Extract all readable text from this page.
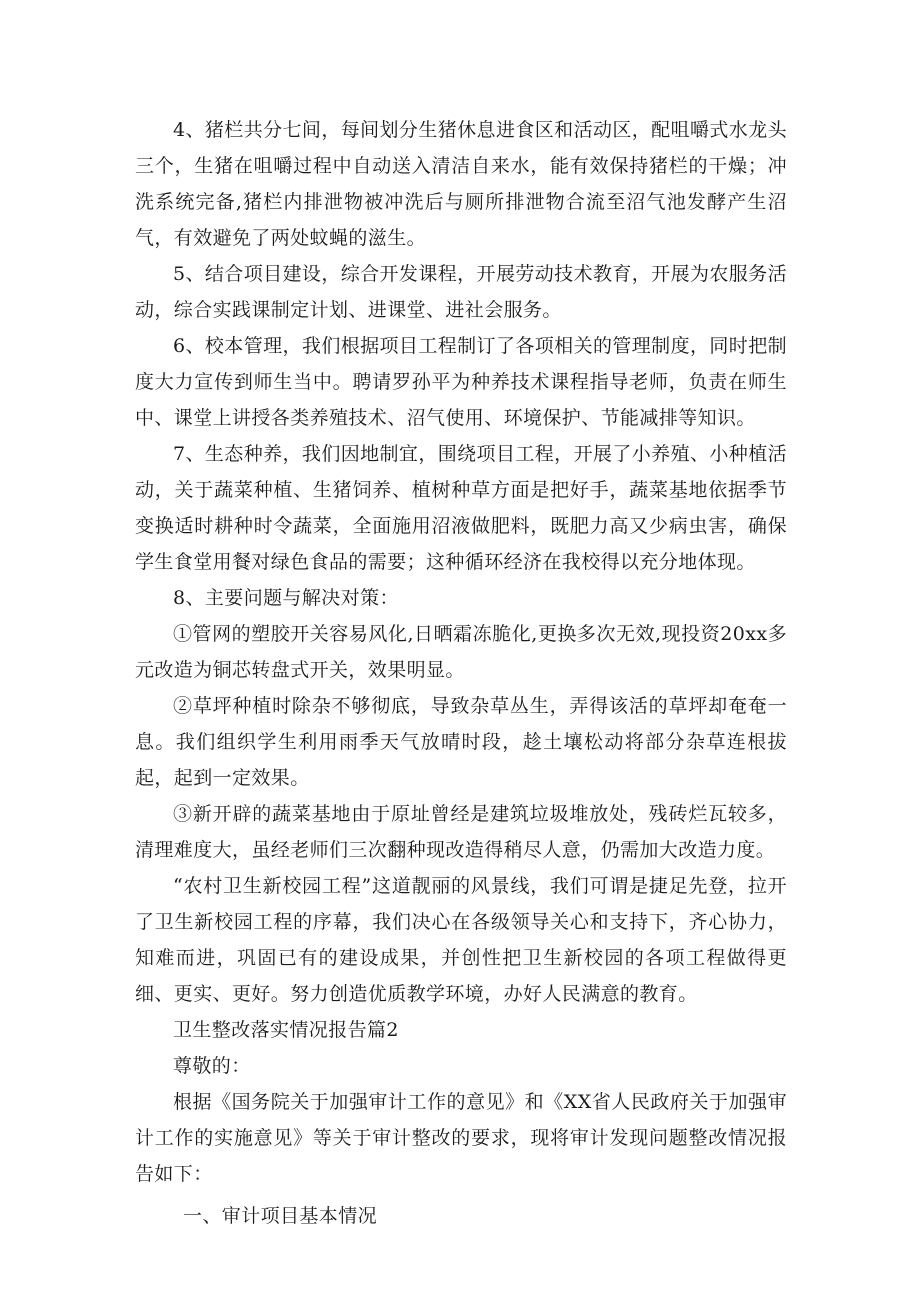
4、猪栏共分七间，每间划分生猪休息进食区和活动区，配咀嚼式水龙头三个，生猪在咀嚼过程中自动送入清洁自来水，能有效保持猪栏的干燥；冲洗系统完备,猪栏内排泄物被冲洗后与厕所排泄物合流至沼气池发酵产生沼气，有效避免了两处蚊蝇的滋生。

5、结合项目建设，综合开发课程，开展劳动技术教育，开展为农服务活动，综合实践课制定计划、进课堂、进社会服务。

6、校本管理，我们根据项目工程制订了各项相关的管理制度，同时把制度大力宣传到师生当中。聘请罗孙平为种养技术课程指导老师，负责在师生中、课堂上讲授各类养殖技术、沼气使用、环境保护、节能减排等知识。

7、生态种养，我们因地制宜，围绕项目工程，开展了小养殖、小种植活动，关于蔬菜种植、生猪饲养、植树种草方面是把好手，蔬菜基地依据季节变换适时耕种时令蔬菜，全面施用沼液做肥料，既肥力高又少病虫害，确保学生食堂用餐对绿色食品的需要；这种循环经济在我校得以充分地体现。

8、主要问题与解决对策：

①管网的塑胶开关容易风化,日晒霜冻脆化,更换多次无效,现投资20xx多元改造为铜芯转盘式开关，效果明显。

②草坪种植时除杂不够彻底，导致杂草丛生，弄得该活的草坪却奄奄一息。我们组织学生利用雨季天气放晴时段，趁土壤松动将部分杂草连根拔起，起到一定效果。

③新开辟的蔬菜基地由于原址曾经是建筑垃圾堆放处，残砖烂瓦较多，清理难度大，虽经老师们三次翻种现改造得稍尽人意，仍需加大改造力度。

“农村卫生新校园工程”这道靓丽的风景线，我们可谓是捷足先登，拉开了卫生新校园工程的序幕，我们决心在各级领导关心和支持下，齐心协力，知难而进，巩固已有的建设成果，并创性把卫生新校园的各项工程做得更细、更实、更好。努力创造优质教学环境，办好人民满意的教育。

卫生整改落实情况报告篇2

尊敬的：

根据《国务院关于加强审计工作的意见》和《XX省人民政府关于加强审计工作的实施意见》等关于审计整改的要求，现将审计发现问题整改情况报告如下：

一、审计项目基本情况
